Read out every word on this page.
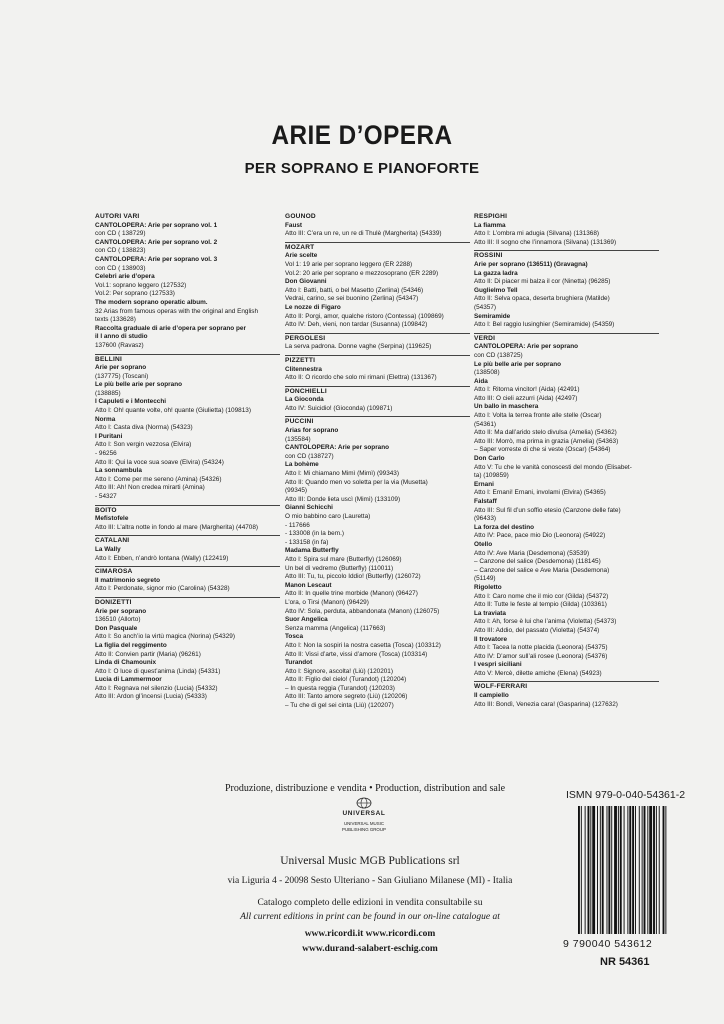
ARIE D’OPERA
PER SOPRANO E PIANOFORTE
AUTORI VARI
CANTOLOPERA: Arie per soprano vol. 1
con CD ( 138729)
CANTOLOPERA: Arie per soprano vol. 2
con CD ( 138823)
CANTOLOPERA: Arie per soprano vol. 3
con CD ( 138903)
Celebri arie d’opera
Vol.1: soprano leggero (127532)
Vol.2: Per soprano (127533)
The modern soprano operatic album.
32 Arias from famous operas with the original and English
texts (133628)
Raccolta graduale di arie d’opera per soprano per
il I anno di studio
137600 (Ravasz)
BELLINI
Arie per soprano
(137775) (Toscani)
Le più belle arie per soprano
(138885)
I Capuleti e i Montecchi
Atto I: Oh! quante volte, oh! quante (Giulietta) (109813)
Norma
Atto I: Casta diva (Norma) (54323)
I Puritani
Atto I: Son vergin vezzosa (Elvira)
- 96256
Atto II: Qui la voce sua soave (Elvira) (54324)
La sonnambula
Atto I: Come per me sereno (Amina) (54326)
Atto III: Ah! Non credea mirarti (Amina)
- 54327
BOITO
Mefistofele
Atto III: L’altra notte in fondo al mare (Margherita) (44708)
CATALANI
La Wally
Atto I: Ebben, n’andrò lontana (Wally) (122419)
CIMAROSA
Il matrimonio segreto
Atto I: Perdonate, signor mio (Carolina) (54328)
DONIZETTI
Arie per soprano
136510 (Allorto)
Don Pasquale
Atto I: So anch’io la virtù magica (Norina) (54329)
La figlia del reggimento
Atto II: Convien partir (Maria) (96261)
Linda di Chamounix
Atto I: O luce di quest’anima (Linda) (54331)
Lucia di Lammermoor
Atto I: Regnava nel silenzio (Lucia) (54332)
Atto III: Ardon gl’incensi (Lucia) (54333)
GOUNOD
Faust
Atto III: C’era un re, un re di Thulè (Margherita) (54339)
MOZART
Arie scelte
Vol 1: 19 arie per soprano leggero (ER 2288)
Vol.2: 20 arie per soprano e mezzosoprano (ER 2289)
Don Giovanni
Atto I: Batti, batti, o bel Masetto (Zerlina) (54346)
Vedrai, carino, se sei buonino (Zerlina) (54347)
Le nozze di Figaro
Atto II: Porgi, amor, qualche ristoro (Contessa) (109869)
Atto IV: Deh, vieni, non tardar (Susanna) (109842)
PERGOLESI
La serva padrona. Donne vaghe (Serpina) (119625)
PIZZETTI
Clitennestra
Atto II: O ricordo che solo mi rimani (Elettra) (131367)
PONCHIELLI
La Gioconda
Atto IV: Suicidio! (Gioconda) (109871)
PUCCINI
Arias for soprano
(135584)
CANTOLOPERA: Arie per soprano
con CD (138727)
La bohème
Atto I: Mi chiamano Mimì (Mimì) (99343)
Atto II: Quando men vo soletta per la via (Musetta)
(99345)
Atto III: Donde lieta uscì (Mimì) (133109)
Gianni Schicchi
O mio babbino caro (Lauretta)
- 117666
- 133008 (in la bem.)
- 133158 (in fa)
Madama Butterfly
Atto I: Spira sul mare (Butterfly) (126069)
Un bel dì vedremo (Butterfly) (110011)
Atto III: Tu, tu, piccolo Iddio! (Butterfly) (126072)
Manon Lescaut
Atto II: In quelle trine morbide (Manon) (96427)
L’ora, o Tirsi (Manon) (96429)
Atto IV: Sola, perduta, abbandonata (Manon) (126075)
Suor Angelica
Senza mamma (Angelica) (117663)
Tosca
Atto I: Non la sospiri la nostra casetta (Tosca) (103312)
Atto II: Vissi d’arte, vissi d’amore (Tosca) (103314)
Turandot
Atto I: Signore, ascolta! (Liù) (120201)
Atto II: Figlio del cielo! (Turandot) (120204)
– In questa reggia (Turandot) (120203)
Atto III: Tanto amore segreto (Liù) (120206)
– Tu che di gel sei cinta (Liù) (120207)
RESPIGHI
La fiamma
Atto I: L’ombra mi adugia (Silvana) (131368)
Atto III: Il sogno che l’innamora (Silvana) (131369)
ROSSINI
Arie per soprano (136511) (Gravagna)
La gazza ladra
Atto II: Di piacer mi balza il cor (Ninetta) (96285)
Guglielmo Tell
Atto II: Selva opaca, deserta brughiera (Matilde)
(54357)
Semiramide
Atto I: Bel raggio lusinghier (Semiramide) (54359)
VERDI
CANTOLOPERA: Arie per soprano
con CD (138725)
Le più belle arie per soprano
(138508)
Aida
Atto I: Ritorna vincitor! (Aida) (42491)
Atto III: O cieli azzurri (Aida) (42497)
Un ballo in maschera
Atto I: Volta la terrea fronte alle stelle (Oscar)
(54361)
Atto II: Ma dall’arido stelo divulsa (Amelia) (54362)
Atto III: Morrò, ma prima in grazia (Amelia) (54363)
– Saper vorreste di che si veste (Oscar) (54364)
Don Carlo
Atto V: Tu che le vanità conoscesti del mondo (Elisabet-
ta) (109859)
Ernani
Atto I: Ernani! Ernani, involami (Elvira) (54365)
Falstaff
Atto III: Sul fil d’un soffio etesio (Canzone delle fate)
(96433)
La forza del destino
Atto IV: Pace, pace mio Dio (Leonora) (54922)
Otello
Atto IV: Ave Maria (Desdemona) (53539)
– Canzone del salice (Desdemona) (118145)
– Canzone del salice e Ave Maria (Desdemona)
(51149)
Rigoletto
Atto I: Caro nome che il mio cor (Gilda) (54372)
Atto II: Tutte le feste al tempio (Gilda) (103361)
La traviata
Atto I: Ah, forse è lui che l’anima (Violetta) (54373)
Atto III: Addio, del passato (Violetta) (54374)
Il trovatore
Atto I: Tacea la notte placida (Leonora) (54375)
Atto IV: D’amor sull’ali rosee (Leonora) (54376)
I vespri siciliani
Atto V: Mercè, dilette amiche (Elena) (54923)
WOLF-FERRARI
Il campiello
Atto III: Bondì, Venezia cara! (Gasparina) (127632)
Produzione, distribuzione e vendita • Production, distribution and sale
UNIVERSAL
UNIVERSAL MUSIC
PUBLISHING GROUP
Universal Music MGB Publications srl
via Liguria 4 - 20098 Sesto Ulteriano - San Giuliano Milanese (MI) - Italia
Catalogo completo delle edizioni in vendita consultabile su
All current editions in print can be found in our on-line catalogue at
www.ricordi.it www.ricordi.com
www.durand-salabert-eschig.com
ISMN 979-0-040-54361-2
9 790040 543612
NR 54361
